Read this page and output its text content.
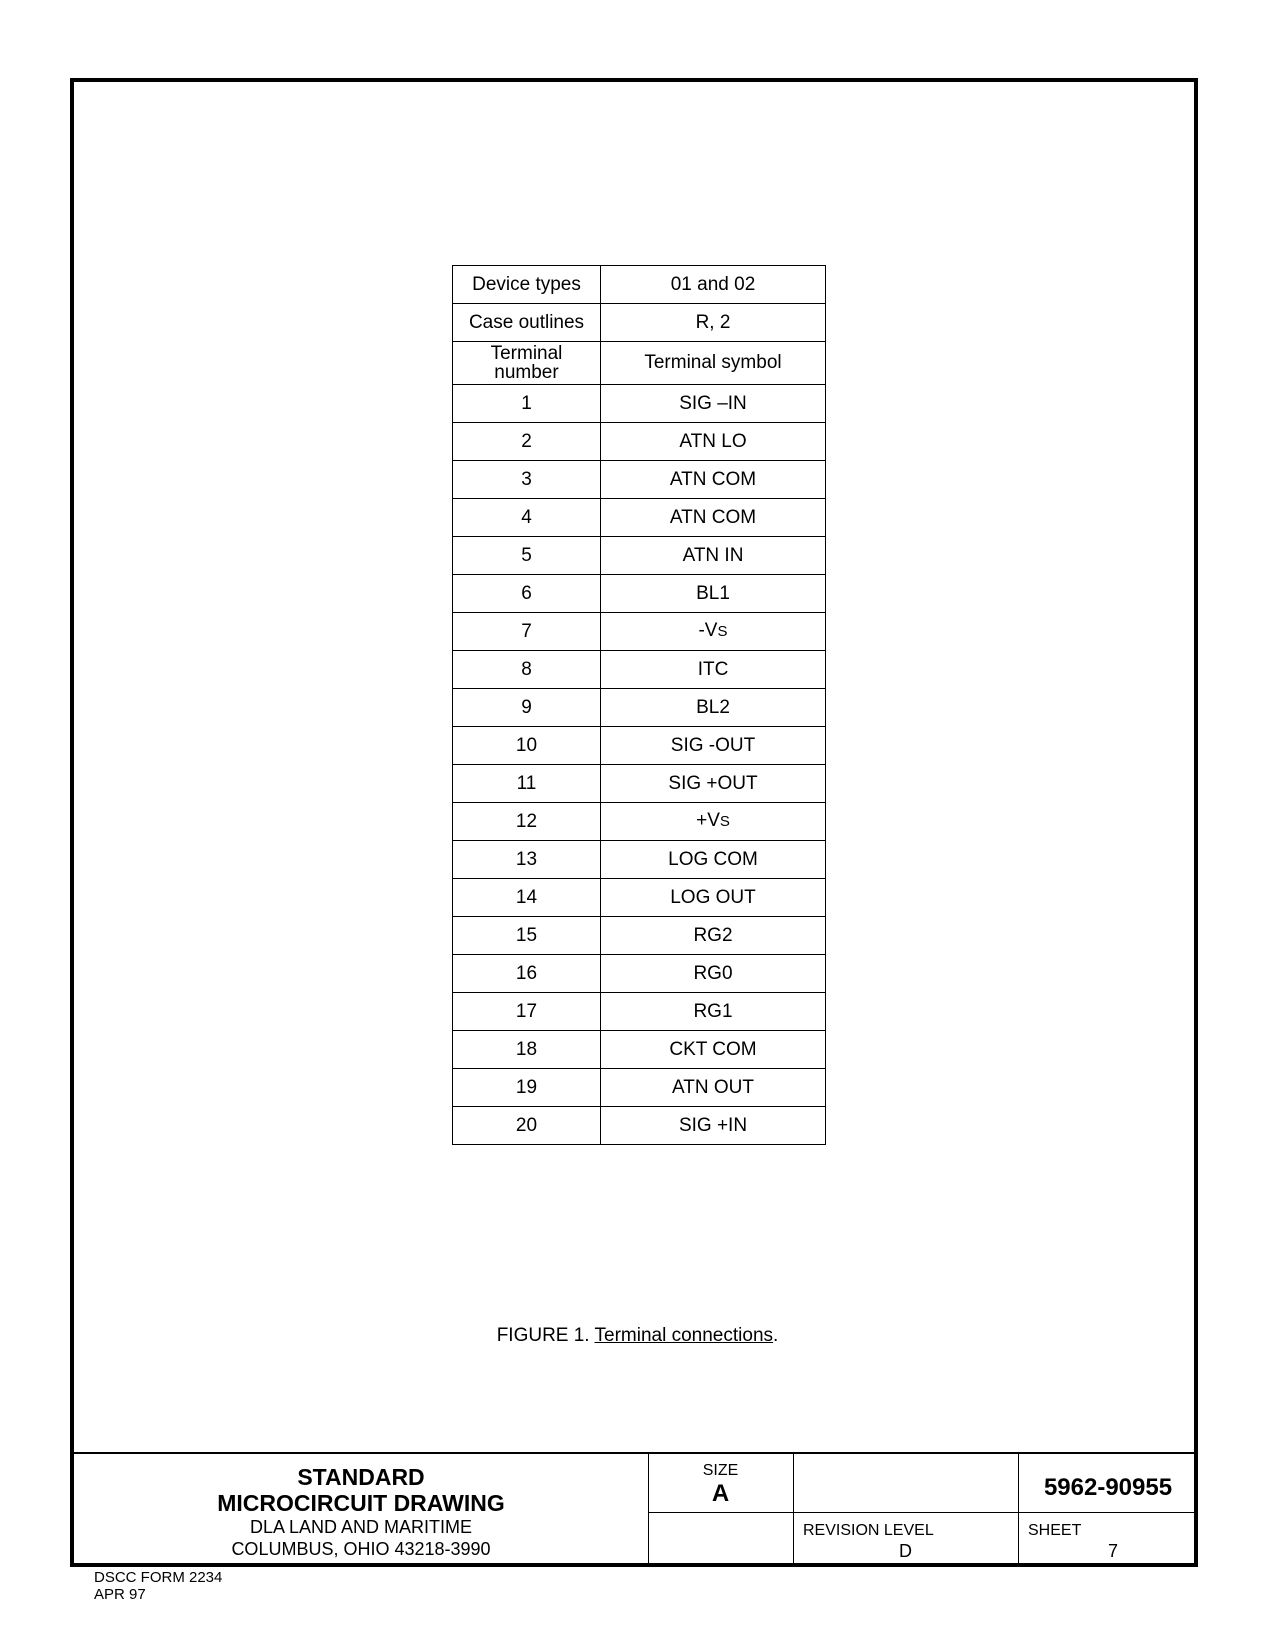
Device types	01 and 02
Case outlines	R, 2
Terminal
number	Terminal symbol
1	SIG –IN
2	ATN LO
3	ATN COM
4	ATN COM
5	ATN IN
6	BL1
7	-VS
8	ITC
9	BL2
10	SIG -OUT
11	SIG +OUT
12	+VS
13	LOG COM
14	LOG OUT
15	RG2
16	RG0
17	RG1
18	CKT COM
19	ATN OUT
20	SIG +IN
FIGURE 1. Terminal connections.
STANDARD
MICROCIRCUIT DRAWING
DLA LAND AND MARITIME
COLUMBUS, OHIO 43218-3990
SIZE
A	5962-90955
REVISION LEVEL
D
SHEET
7
DSCC FORM 2234
APR 97
